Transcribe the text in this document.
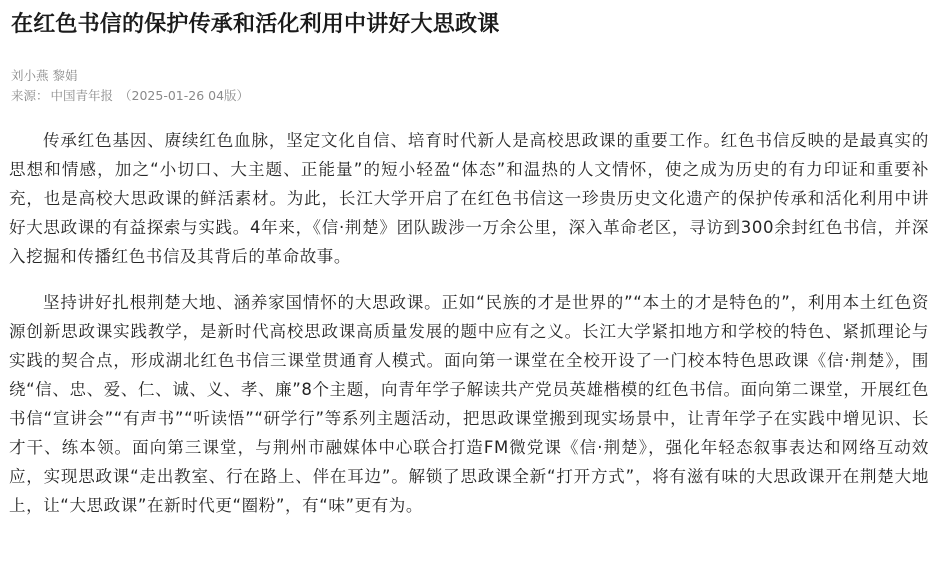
在红色书信的保护传承和活化利用中讲好大思政课
刘小燕 黎娟
来源： 中国青年报 （2025-01-26 04版）

传承红色基因、赓续红色血脉，坚定文化自信、培育时代新人是高校思政课的重要工作。红色书信反映的是最真实的思想和情感，加之“小切口、大主题、正能量”的短小轻盈“体态”和温热的人文情怀，使之成为历史的有力印证和重要补充，也是高校大思政课的鲜活素材。为此，长江大学开启了在红色书信这一珍贵历史文化遗产的保护传承和活化利用中讲好大思政课的有益探索与实践。4年来，《信·荆楚》团队跋涉一万余公里，深入革命老区，寻访到300余封红色书信，并深入挖掘和传播红色书信及其背后的革命故事。

坚持讲好扎根荆楚大地、涵养家国情怀的大思政课。正如“民族的才是世界的”“本土的才是特色的”，利用本土红色资源创新思政课实践教学，是新时代高校思政课高质量发展的题中应有之义。长江大学紧扣地方和学校的特色、紧抓理论与实践的契合点，形成湖北红色书信三课堂贯通育人模式。面向第一课堂在全校开设了一门校本特色思政课《信·荆楚》，围绕“信、忠、爱、仁、诚、义、孝、廉”8个主题，向青年学子解读共产党员英雄楷模的红色书信。面向第二课堂，开展红色书信“宣讲会”“有声书”“听读悟”“研学行”等系列主题活动，把思政课堂搬到现实场景中，让青年学子在实践中增见识、长才干、练本领。面向第三课堂，与荆州市融媒体中心联合打造FM微党课《信·荆楚》，强化年轻态叙事表达和网络互动效应，实现思政课“走出教室、行在路上、伴在耳边”。解锁了思政课全新“打开方式”，将有滋有味的大思政课开在荆楚大地上，让“大思政课”在新时代更“圈粉”，有“味”更有为。
